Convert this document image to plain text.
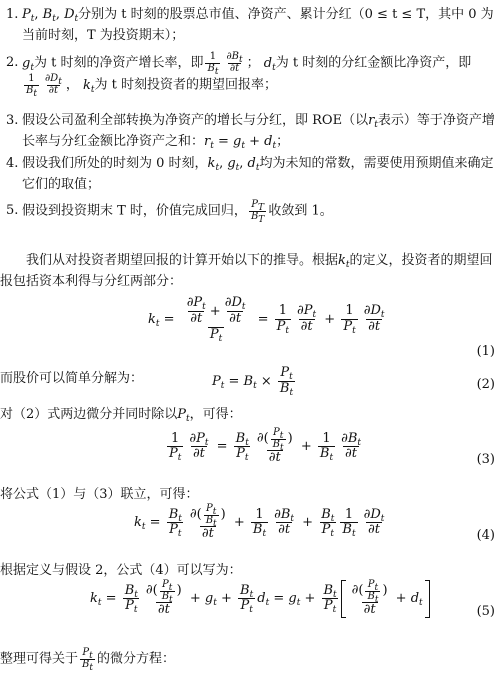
1. $P_t$, $B_t$, $D_t$分别为 t 时刻的股票总市值、净资产、累计分红（0 ≤ t ≤ T，其中 0 为当前时刻，T 为投资期末）；
2. $g_t$为 t 时刻的净资产增长率，即 $\frac{1}{B_t} \frac{\partial B_t}{\partial t}$ ； $d_t$为 t 时刻的分红金额比净资产，即

$\frac{1}{B_t} \frac{\partial D_t}{\partial t}$ ， $k_t$为 t 时刻投资者的期望回报率；
3. 假设公司盈利全部转换为净资产的增长与分红，即 ROE（以$r_t$表示）等于净资产增长率与分红金额比净资产之和：$r_t = g_t + d_t$；
4. 假设我们所处的时刻为 0 时刻，$k_t$, $g_t$, $d_t$均为未知的常数，需要使用预期值来确定它们的取值；
5. 假设到投资期末 T 时，价值完成回归， $\frac{P_T}{B_T}$ 收敛到 1。
我们从对投资者期望回报的计算开始以下的推导。根据$k_t$的定义，投资者的期望回报包括资本利得与分红两部分：
$k_t = \frac{\frac{\partial P_t}{\partial t} + \frac{\partial D_t}{\partial t}}{P_t} = \frac{1}{P_t} \frac{\partial P_t}{\partial t} + \frac{1}{P_t} \frac{\partial D_t}{\partial t}$
(1)
而股价可以简单分解为：	$P_t = B_t \times \frac{P_t}{B_t}$	(2)
对（2）式两边微分并同时除以$P_t$，可得：
$\frac{1}{P_t} \frac{\partial P_t}{\partial t} = \frac{B_t}{P_t} \frac{\partial( \frac{P_t}{B_t} )}{\partial t} + \frac{1}{B_t} \frac{\partial B_t}{\partial t}$	(3)
将公式（1）与（3）联立，可得：
$k_t = \frac{B_t}{P_t} \frac{\partial( \frac{P_t}{B_t} )}{\partial t} + \frac{1}{B_t} \frac{\partial B_t}{\partial t} + \frac{B_t}{P_t} \frac{1}{B_t} \frac{\partial D_t}{\partial t}$	(4)
根据定义与假设 2，公式（4）可以写为：
$k_t = \frac{B_t}{P_t} \frac{\partial( \frac{P_t}{B_t} )}{\partial t} + g_t + \frac{B_t}{P_t} d_t = g_t + \frac{B_t}{P_t} \frac{\partial( \frac{P_t}{B_t} )}{\partial t} + d_t$
(5)
整理可得关于 $\frac{P_t}{B_t}$ 的微分方程：
